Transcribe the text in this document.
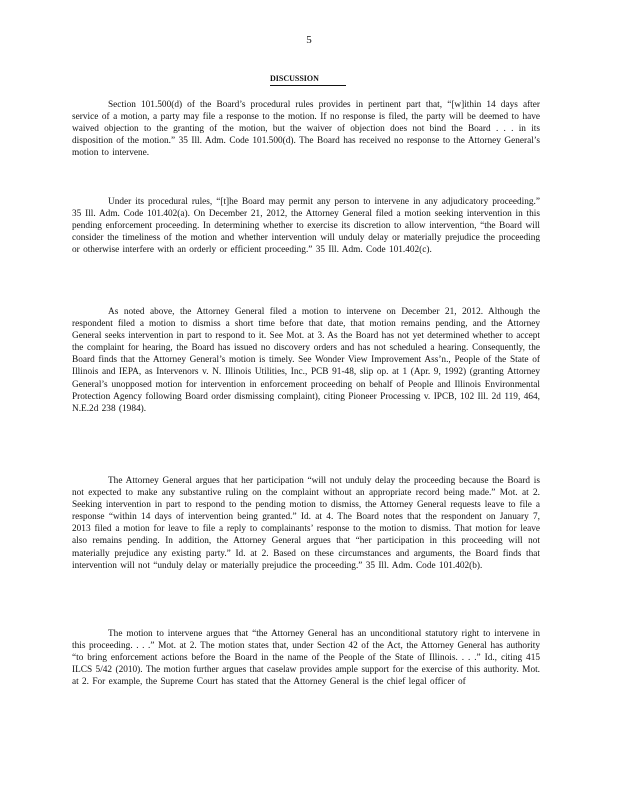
5
DISCUSSION

Section 101.500(d) of the Board’s procedural rules provides in pertinent part that, “[w]ithin 14 days after service of a motion, a party may file a response to the motion. If no response is filed, the party will be deemed to have waived objection to the granting of the motion, but the waiver of objection does not bind the Board . . . in its disposition of the motion.” 35 Ill. Adm. Code 101.500(d). The Board has received no response to the Attorney General’s motion to intervene.

Under its procedural rules, “[t]he Board may permit any person to intervene in any adjudicatory proceeding.” 35 Ill. Adm. Code 101.402(a). On December 21, 2012, the Attorney General filed a motion seeking intervention in this pending enforcement proceeding. In determining whether to exercise its discretion to allow intervention, “the Board will consider the timeliness of the motion and whether intervention will unduly delay or materially prejudice the proceeding or otherwise interfere with an orderly or efficient proceeding.” 35 Ill. Adm. Code 101.402(c).

As noted above, the Attorney General filed a motion to intervene on December 21, 2012. Although the respondent filed a motion to dismiss a short time before that date, that motion remains pending, and the Attorney General seeks intervention in part to respond to it. See Mot. at 3. As the Board has not yet determined whether to accept the complaint for hearing, the Board has issued no discovery orders and has not scheduled a hearing. Consequently, the Board finds that the Attorney General’s motion is timely. See Wonder View Improvement Ass’n., People of the State of Illinois and IEPA, as Intervenors v. N. Illinois Utilities, Inc., PCB 91-48, slip op. at 1 (Apr. 9, 1992) (granting Attorney General’s unopposed motion for intervention in enforcement proceeding on behalf of People and Illinois Environmental Protection Agency following Board order dismissing complaint), citing Pioneer Processing v. IPCB, 102 Ill. 2d 119, 464, N.E.2d 238 (1984).

The Attorney General argues that her participation “will not unduly delay the proceeding because the Board is not expected to make any substantive ruling on the complaint without an appropriate record being made.” Mot. at 2. Seeking intervention in part to respond to the pending motion to dismiss, the Attorney General requests leave to file a response “within 14 days of intervention being granted.” Id. at 4. The Board notes that the respondent on January 7, 2013 filed a motion for leave to file a reply to complainants’ response to the motion to dismiss. That motion for leave also remains pending. In addition, the Attorney General argues that “her participation in this proceeding will not materially prejudice any existing party.” Id. at 2. Based on these circumstances and arguments, the Board finds that intervention will not “unduly delay or materially prejudice the proceeding.” 35 Ill. Adm. Code 101.402(b).

The motion to intervene argues that “the Attorney General has an unconditional statutory right to intervene in this proceeding. . . .” Mot. at 2. The motion states that, under Section 42 of the Act, the Attorney General has authority “to bring enforcement actions before the Board in the name of the People of the State of Illinois. . . .” Id., citing 415 ILCS 5/42 (2010). The motion further argues that caselaw provides ample support for the exercise of this authority. Mot. at 2. For example, the Supreme Court has stated that the Attorney General is the chief legal officer of
